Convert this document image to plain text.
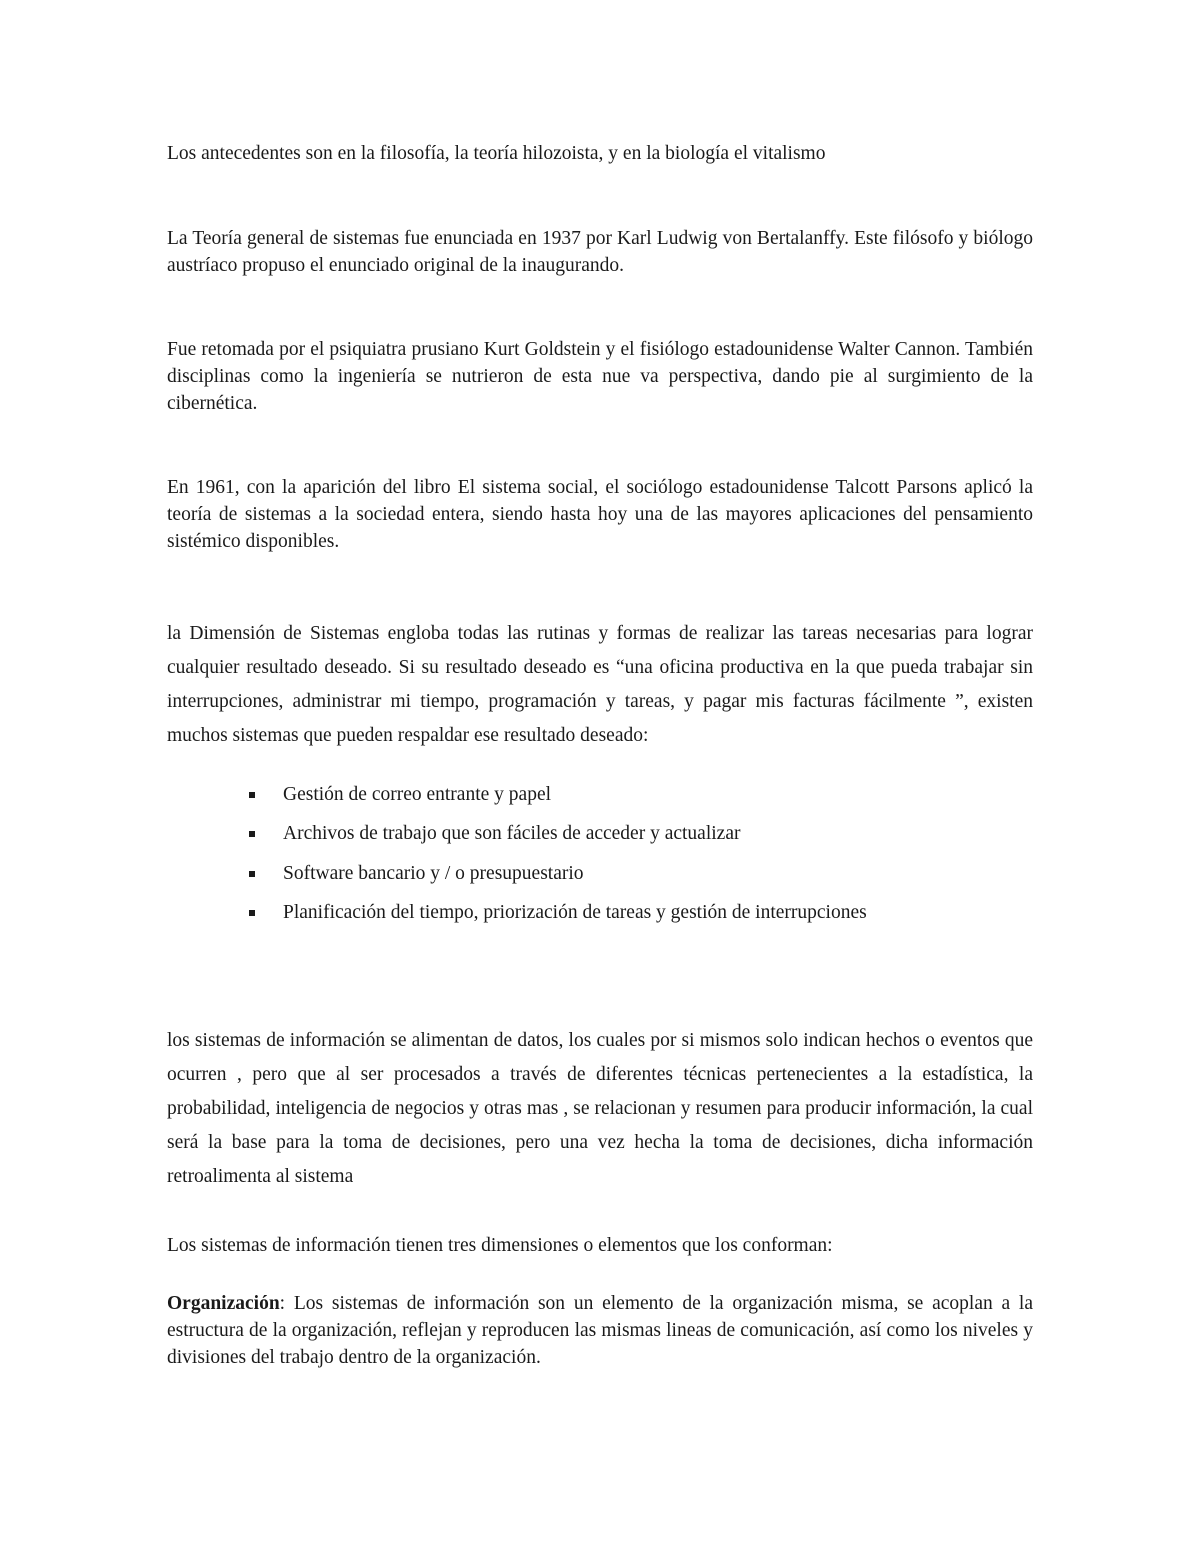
Los antecedentes son en la filosofía, la teoría hilozoista, y en la biología el vitalismo

La Teoría general de sistemas fue enunciada en 1937 por Karl Ludwig von Bertalanffy. Este filósofo y biólogo austríaco propuso el enunciado original de la inaugurando.

Fue retomada por el psiquiatra prusiano Kurt Goldstein y el fisiólogo estadounidense Walter Cannon. También disciplinas como la ingeniería se nutrieron de esta nue va perspectiva, dando pie al surgimiento de la cibernética.

En 1961, con la aparición del libro El sistema social, el sociólogo estadounidense Talcott Parsons aplicó la teoría de sistemas a la sociedad entera, siendo hasta hoy una de las mayores aplicaciones del pensamiento sistémico disponibles.

la Dimensión de Sistemas engloba todas las rutinas y formas de realizar las tareas necesarias para lograr cualquier resultado deseado. Si su resultado deseado es “una oficina productiva en la que pueda trabajar sin interrupciones, administrar mi tiempo, programación y tareas, y pagar mis facturas fácilmente ”, existen muchos sistemas que pueden respaldar ese resultado deseado:

Gestión de correo entrante y papel
Archivos de trabajo que son fáciles de acceder y actualizar
Software bancario y / o presupuestario
Planificación del tiempo, priorización de tareas y gestión de interrupciones

los sistemas de información se alimentan de datos, los cuales por si mismos solo indican hechos o eventos que ocurren , pero que al ser procesados a través de diferentes técnicas pertenecientes a la estadística, la probabilidad, inteligencia de negocios y otras mas , se relacionan y resumen para producir información, la cual será la base para la toma de decisiones, pero una vez hecha la toma de decisiones, dicha información retroalimenta al sistema

Los sistemas de información tienen tres dimensiones o elementos que los conforman:

Organización: Los sistemas de información son un elemento de la organización misma, se acoplan a la estructura de la organización, reflejan y reproducen las mismas lineas de comunicación, así como los niveles y divisiones del trabajo dentro de la organización.
